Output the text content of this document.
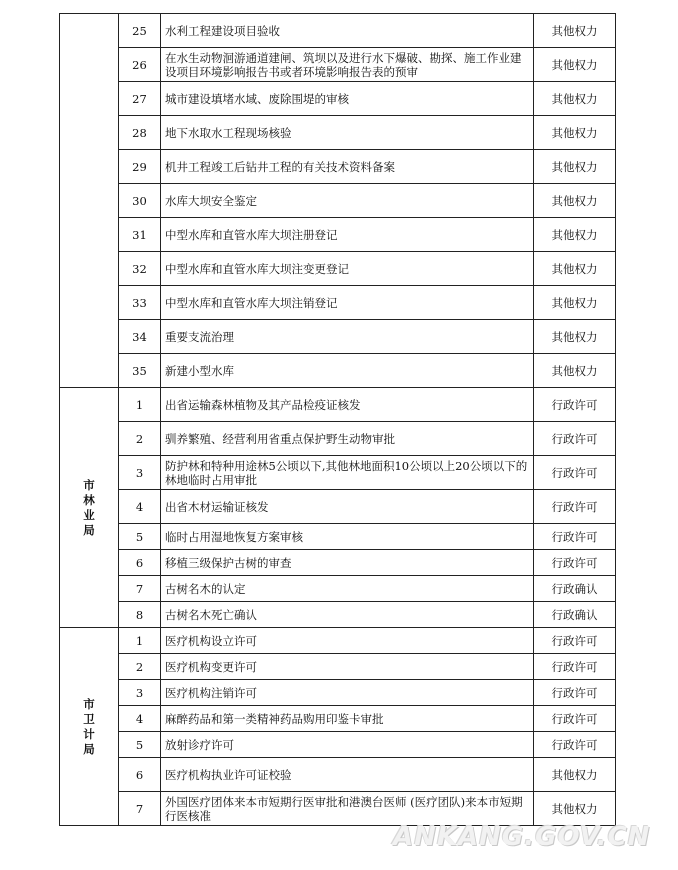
	25	水利工程建设项目验收	其他权力
	26	在水生动物洄游通道建闸、筑坝以及进行水下爆破、勘探、施工作业建设项目环境影响报告书或者环境影响报告表的预审	其他权力
	27	城市建设填堵水域、废除围堤的审核	其他权力
	28	地下水取水工程现场核验	其他权力
	29	机井工程竣工后钻井工程的有关技术资料备案	其他权力
	30	水库大坝安全鉴定	其他权力
	31	中型水库和直管水库大坝注册登记	其他权力
	32	中型水库和直管水库大坝注变更登记	其他权力
	33	中型水库和直管水库大坝注销登记	其他权力
	34	重要支流治理	其他权力
	35	新建小型水库	其他权力
市林业局	1	出省运输森林植物及其产品检疫证核发	行政许可
	2	驯养繁殖、经营利用省重点保护野生动物审批	行政许可
	3	防护林和特种用途林5公顷以下,其他林地面积10公顷以上20公顷以下的林地临时占用审批	行政许可
	4	出省木材运输证核发	行政许可
	5	临时占用湿地恢复方案审核	行政许可
	6	移植三级保护古树的审查	行政许可
	7	古树名木的认定	行政确认
	8	古树名木死亡确认	行政确认
市卫计局	1	医疗机构设立许可	行政许可
	2	医疗机构变更许可	行政许可
	3	医疗机构注销许可	行政许可
	4	麻醉药品和第一类精神药品购用印鉴卡审批	行政许可
	5	放射诊疗许可	行政许可
	6	医疗机构执业许可证校验	其他权力
	7	外国医疗团体来本市短期行医审批和港澳台医师 (医疗团队)来本市短期行医核准	其他权力
ANKANG.GOV.CN
